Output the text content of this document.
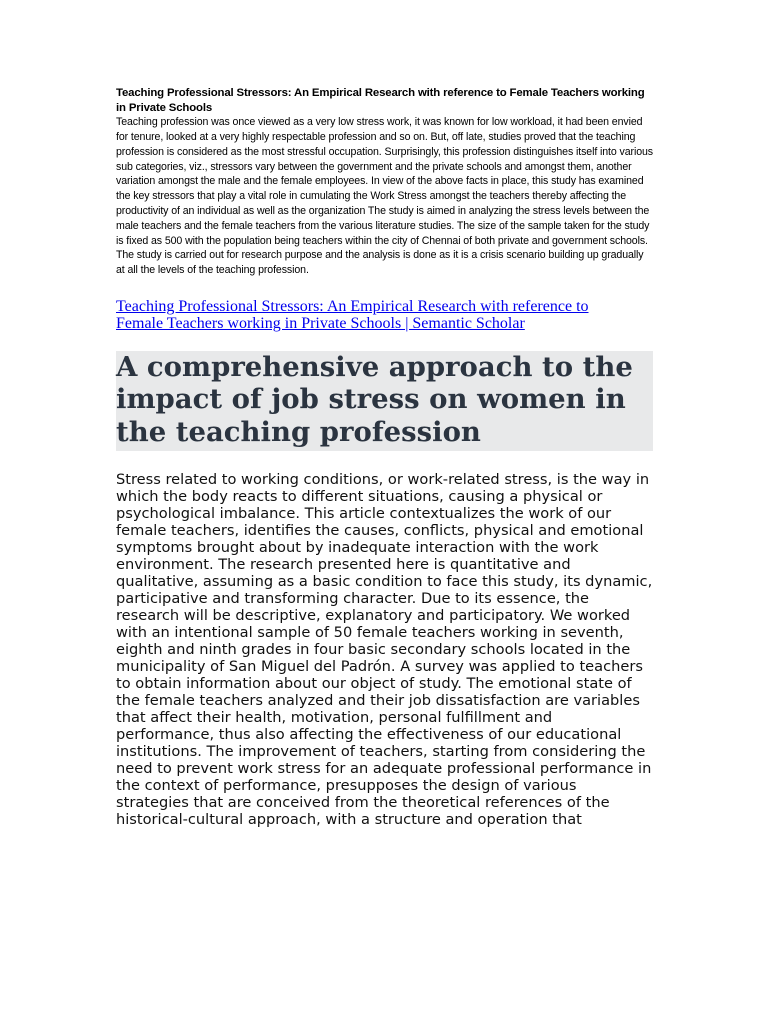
Teaching Professional Stressors: An Empirical Research with reference to Female Teachers working in Private Schools

Teaching profession was once viewed as a very low stress work, it was known for low workload, it had been envied for tenure, looked at a very highly respectable profession and so on. But, off late, studies proved that the teaching profession is considered as the most stressful occupation. Surprisingly, this profession distinguishes itself into various sub categories, viz., stressors vary between the government and the private schools and amongst them, another variation amongst the male and the female employees. In view of the above facts in place, this study has examined the key stressors that play a vital role in cumulating the Work Stress amongst the teachers thereby affecting the productivity of an individual as well as the organization The study is aimed in analyzing the stress levels between the male teachers and the female teachers from the various literature studies. The size of the sample taken for the study is fixed as 500 with the population being teachers within the city of Chennai of both private and government schools. The study is carried out for research purpose and the analysis is done as it is a crisis scenario building up gradually at all the levels of the teaching profession.

Teaching Professional Stressors: An Empirical Research with reference to Female Teachers working in Private Schools | Semantic Scholar
A comprehensive approach to the impact of job stress on women in the teaching profession

Stress related to working conditions, or work-related stress, is the way in which the body reacts to different situations, causing a physical or psychological imbalance. This article contextualizes the work of our female teachers, identifies the causes, conflicts, physical and emotional symptoms brought about by inadequate interaction with the work environment. The research presented here is quantitative and qualitative, assuming as a basic condition to face this study, its dynamic, participative and transforming character. Due to its essence, the research will be descriptive, explanatory and participatory. We worked with an intentional sample of 50 female teachers working in seventh, eighth and ninth grades in four basic secondary schools located in the municipality of San Miguel del Padrón. A survey was applied to teachers to obtain information about our object of study. The emotional state of the female teachers analyzed and their job dissatisfaction are variables that affect their health, motivation, personal fulfillment and performance, thus also affecting the effectiveness of our educational institutions. The improvement of teachers, starting from considering the need to prevent work stress for an adequate professional performance in the context of performance, presupposes the design of various strategies that are conceived from the theoretical references of the historical-cultural approach, with a structure and operation that
